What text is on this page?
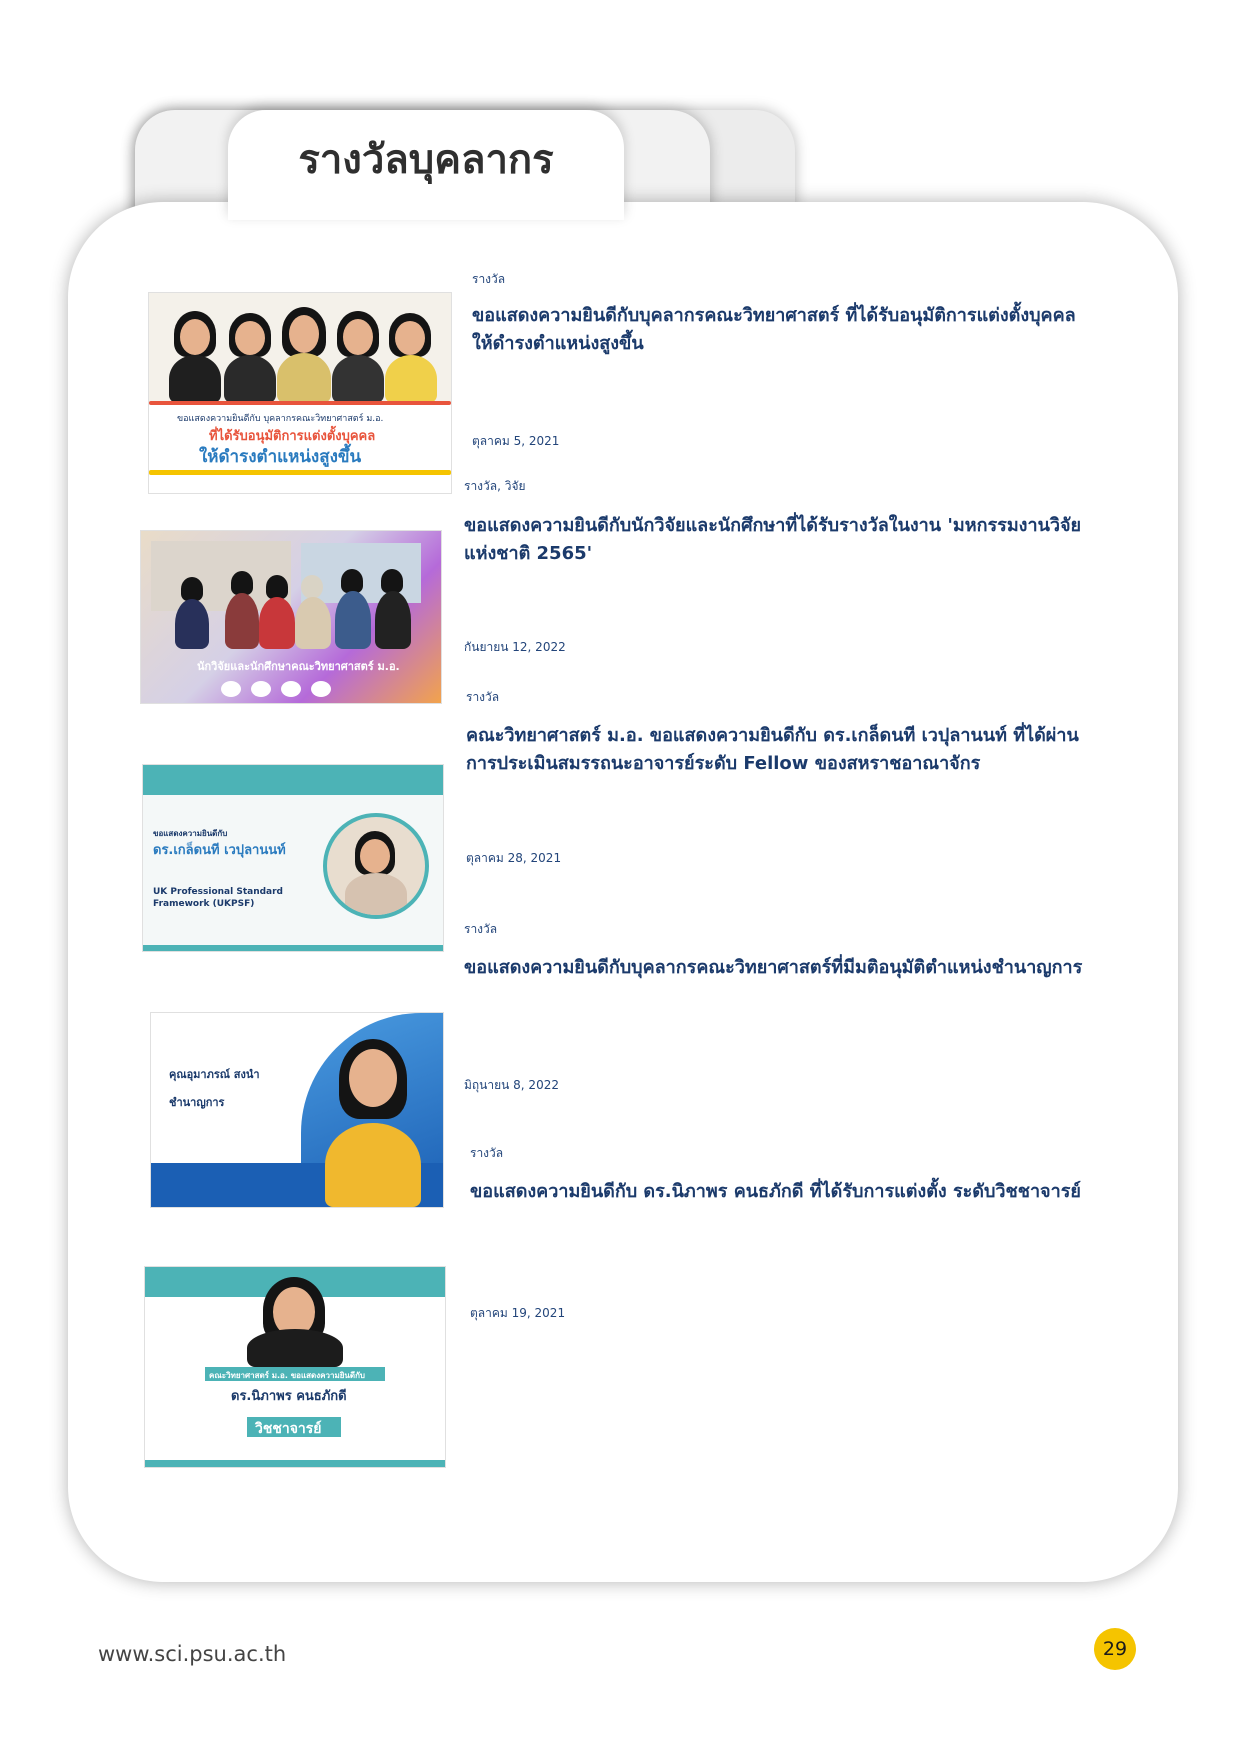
รางวัลบุคลากร
ขอแสดงความยินดีกับ บุคลากรคณะวิทยาศาสตร์ ม.อ.
ที่ได้รับอนุมัติการแต่งตั้งบุคคล
ให้ดำรงตำแหน่งสูงขึ้น
รางวัล
ขอแสดงความยินดีกับบุคลากรคณะวิทยาศาสตร์ ที่ได้รับอนุมัติการแต่งตั้งบุคคลให้ดำรงตำแหน่งสูงขึ้น
ตุลาคม 5, 2021
นักวิจัยและนักศึกษาคณะวิทยาศาสตร์ ม.อ.
รางวัล, วิจัย
ขอแสดงความยินดีกับนักวิจัยและนักศึกษาที่ได้รับรางวัลในงาน 'มหกรรมงานวิจัยแห่งชาติ 2565'
กันยายน 12, 2022
ขอแสดงความยินดีกับ
ดร.เกล็ดนที เวปุลานนท์
UK Professional Standard
Framework (UKPSF)
รางวัล
คณะวิทยาศาสตร์ ม.อ. ขอแสดงความยินดีกับ ดร.เกล็ดนที เวปุลานนท์ ที่ได้ผ่านการประเมินสมรรถนะอาจารย์ระดับ Fellow ของสหราชอาณาจักร
ตุลาคม 28, 2021
คุณอุมาภรณ์ สงนำ
ชำนาญการ
รางวัล
ขอแสดงความยินดีกับบุคลากรคณะวิทยาศาสตร์ที่มีมติอนุมัติตำแหน่งชำนาญการ
มิถุนายน 8, 2022
คณะวิทยาศาสตร์ ม.อ. ขอแสดงความยินดีกับ
ดร.นิภาพร คนธภักดี
วิชชาจารย์
รางวัล
ขอแสดงความยินดีกับ ดร.นิภาพร คนธภักดี ที่ได้รับการแต่งตั้ง ระดับวิชชาจารย์
ตุลาคม 19, 2021
www.sci.psu.ac.th	29
